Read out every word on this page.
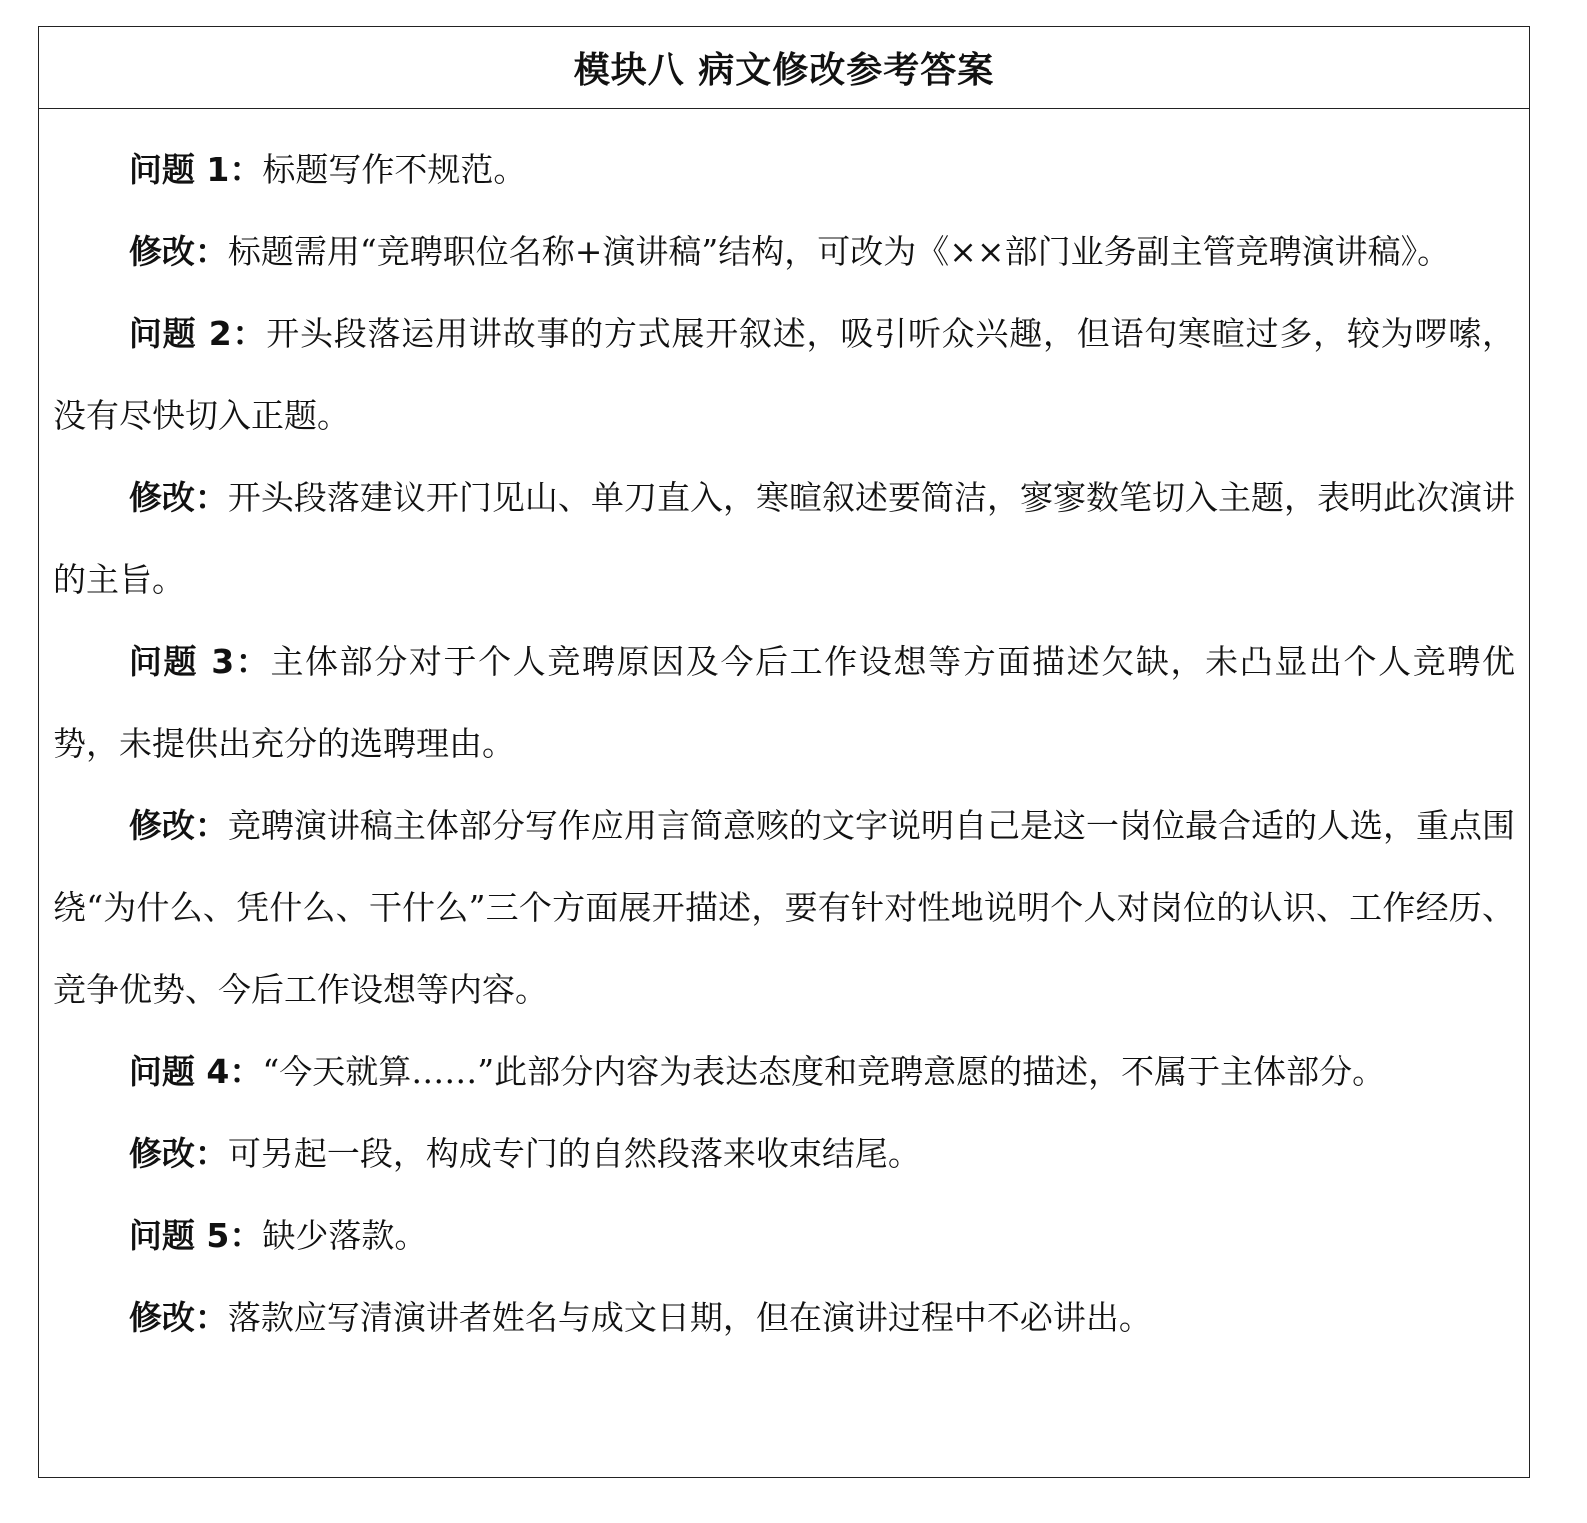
模块八 病文修改参考答案

问题 1：标题写作不规范。

修改：标题需用“竞聘职位名称+演讲稿”结构，可改为《××部门业务副主管竞聘演讲稿》。

问题 2：开头段落运用讲故事的方式展开叙述，吸引听众兴趣，但语句寒暄过多，较为啰嗦，没有尽快切入正题。

修改：开头段落建议开门见山、单刀直入，寒暄叙述要简洁，寥寥数笔切入主题，表明此次演讲的主旨。

问题 3：主体部分对于个人竞聘原因及今后工作设想等方面描述欠缺，未凸显出个人竞聘优势，未提供出充分的选聘理由。

修改：竞聘演讲稿主体部分写作应用言简意赅的文字说明自己是这一岗位最合适的人选，重点围绕“为什么、凭什么、干什么”三个方面展开描述，要有针对性地说明个人对岗位的认识、工作经历、竞争优势、今后工作设想等内容。

问题 4：“今天就算……”此部分内容为表达态度和竞聘意愿的描述，不属于主体部分。

修改：可另起一段，构成专门的自然段落来收束结尾。

问题 5：缺少落款。

修改：落款应写清演讲者姓名与成文日期，但在演讲过程中不必讲出。
